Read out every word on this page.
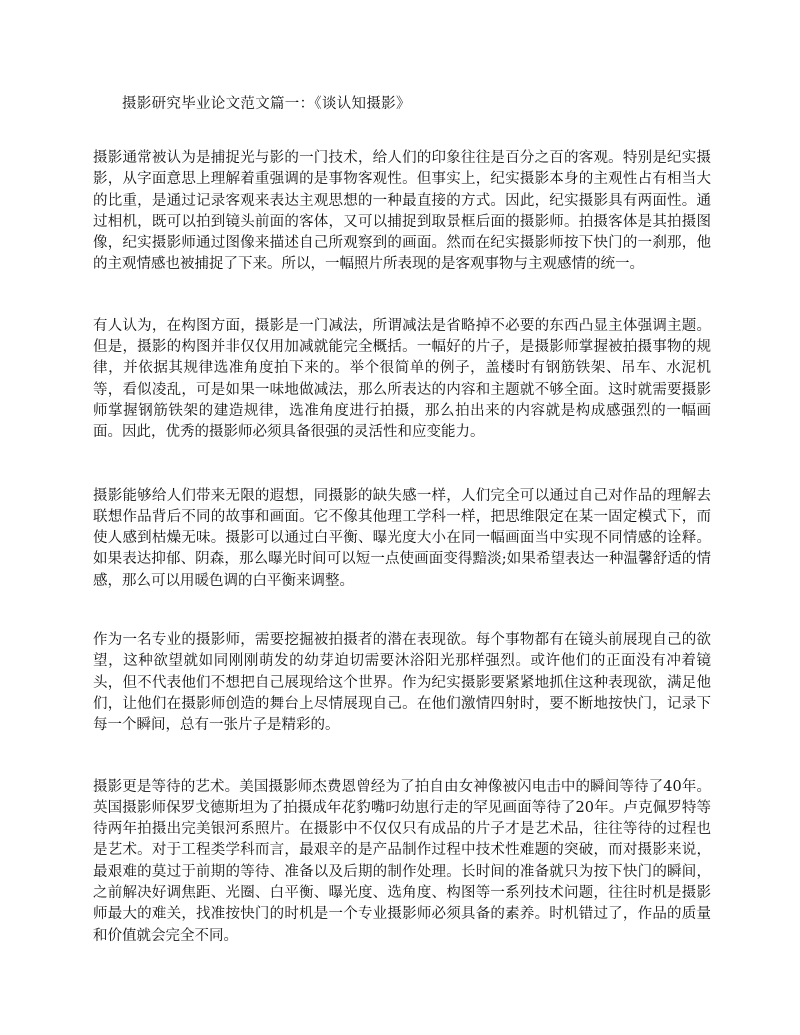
摄影研究毕业论文范文篇一：《谈认知摄影》

摄影通常被认为是捕捉光与影的一门技术，给人们的印象往往是百分之百的客观。特别是纪实摄影，从字面意思上理解着重强调的是事物客观性。但事实上，纪实摄影本身的主观性占有相当大的比重，是通过记录客观来表达主观思想的一种最直接的方式。因此，纪实摄影具有两面性。通过相机，既可以拍到镜头前面的客体，又可以捕捉到取景框后面的摄影师。拍摄客体是其拍摄图像，纪实摄影师通过图像来描述自己所观察到的画面。然而在纪实摄影师按下快门的一刹那，他的主观情感也被捕捉了下来。所以，一幅照片所表现的是客观事物与主观感情的统一。

有人认为，在构图方面，摄影是一门减法，所谓减法是省略掉不必要的东西凸显主体强调主题。但是，摄影的构图并非仅仅用加减就能完全概括。一幅好的片子，是摄影师掌握被拍摄事物的规律，并依据其规律选准角度拍下来的。举个很简单的例子，盖楼时有钢筋铁架、吊车、水泥机等，看似凌乱，可是如果一味地做减法，那么所表达的内容和主题就不够全面。这时就需要摄影师掌握钢筋铁架的建造规律，选准角度进行拍摄，那么拍出来的内容就是构成感强烈的一幅画面。因此，优秀的摄影师必须具备很强的灵活性和应变能力。

摄影能够给人们带来无限的遐想，同摄影的缺失感一样，人们完全可以通过自己对作品的理解去联想作品背后不同的故事和画面。它不像其他理工学科一样，把思维限定在某一固定模式下，而使人感到枯燥无味。摄影可以通过白平衡、曝光度大小在同一幅画面当中实现不同情感的诠释。如果表达抑郁、阴森，那么曝光时间可以短一点使画面变得黯淡;如果希望表达一种温馨舒适的情感，那么可以用暖色调的白平衡来调整。

作为一名专业的摄影师，需要挖掘被拍摄者的潜在表现欲。每个事物都有在镜头前展现自己的欲望，这种欲望就如同刚刚萌发的幼芽迫切需要沐浴阳光那样强烈。或许他们的正面没有冲着镜头，但不代表他们不想把自己展现给这个世界。作为纪实摄影要紧紧地抓住这种表现欲，满足他们，让他们在摄影师创造的舞台上尽情展现自己。在他们激情四射时，要不断地按快门，记录下每一个瞬间，总有一张片子是精彩的。

摄影更是等待的艺术。美国摄影师杰费恩曾经为了拍自由女神像被闪电击中的瞬间等待了40年。英国摄影师保罗戈德斯坦为了拍摄成年花豹嘴叼幼崽行走的罕见画面等待了20年。卢克佩罗特等待两年拍摄出完美银河系照片。在摄影中不仅仅只有成品的片子才是艺术品，往往等待的过程也是艺术。对于工程类学科而言，最艰辛的是产品制作过程中技术性难题的突破，而对摄影来说，最艰难的莫过于前期的等待、准备以及后期的制作处理。长时间的准备就只为按下快门的瞬间，之前解决好调焦距、光圈、白平衡、曝光度、选角度、构图等一系列技术问题，往往时机是摄影师最大的难关，找准按快门的时机是一个专业摄影师必须具备的素养。时机错过了，作品的质量和价值就会完全不同。
